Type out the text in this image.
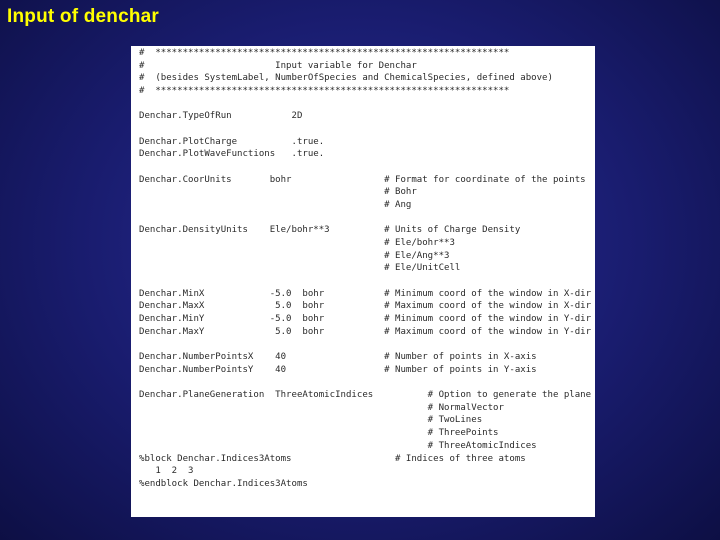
Input of denchar
#  *****************************************************************
#                        Input variable for Denchar
#  (besides SystemLabel, NumberOfSpecies and ChemicalSpecies, defined above)
#  *****************************************************************
Denchar.TypeOfRun           2D
Denchar.PlotCharge          .true.
Denchar.PlotWaveFunctions   .true.
Denchar.CoorUnits       bohr                 # Format for coordinate of the points
# Bohr
# Ang
Denchar.DensityUnits    Ele/bohr**3          # Units of Charge Density
# Ele/bohr**3
# Ele/Ang**3
# Ele/UnitCell
Denchar.MinX            -5.0  bohr           # Minimum coord of the window in X-dir
Denchar.MaxX             5.0  bohr           # Maximum coord of the window in X-dir
Denchar.MinY            -5.0  bohr           # Minimum coord of the window in Y-dir
Denchar.MaxY             5.0  bohr           # Maximum coord of the window in Y-dir
Denchar.NumberPointsX    40                  # Number of points in X-axis
Denchar.NumberPointsY    40                  # Number of points in Y-axis
Denchar.PlaneGeneration  ThreeAtomicIndices          # Option to generate the plane
# NormalVector
# TwoLines
# ThreePoints
# ThreeAtomicIndices
%block Denchar.Indices3Atoms                   # Indices of three atoms
1  2  3
%endblock Denchar.Indices3Atoms
